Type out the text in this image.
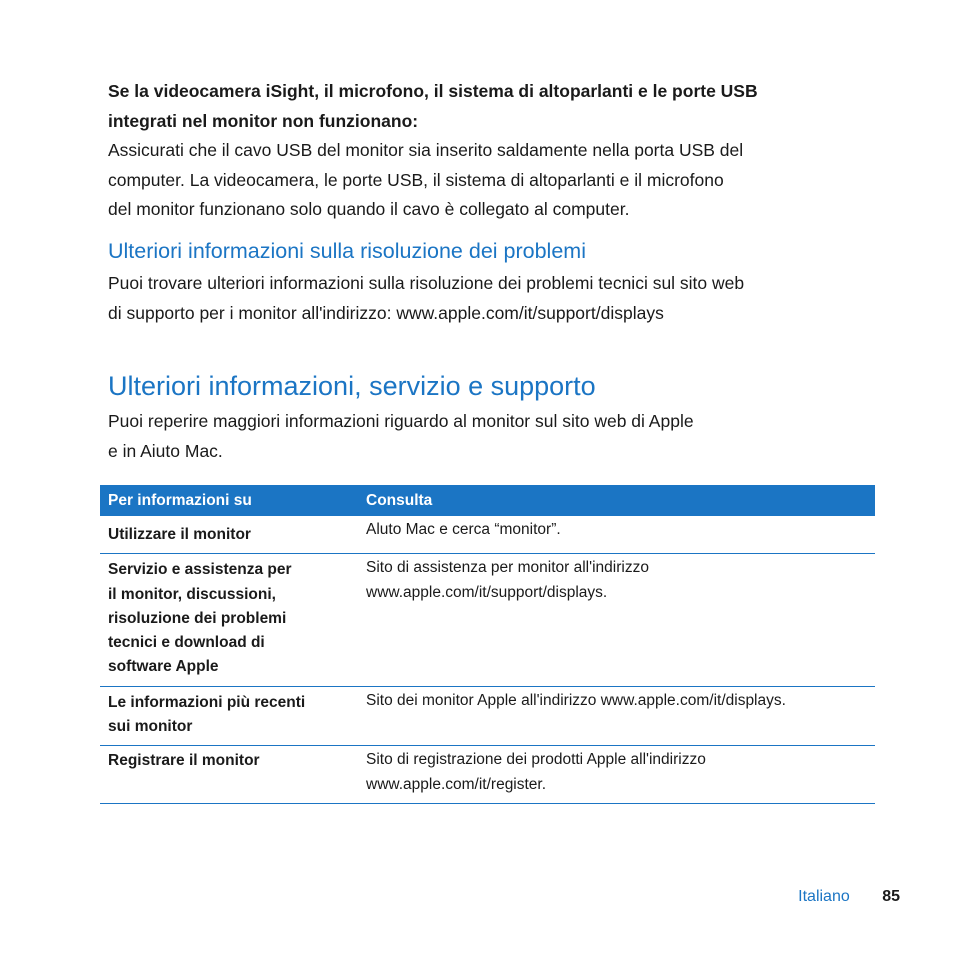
Se la videocamera iSight, il microfono, il sistema di altoparlanti e le porte USB
integrati nel monitor non funzionano:

Assicurati che il cavo USB del monitor sia inserito saldamente nella porta USB del
computer. La videocamera, le porte USB, il sistema di altoparlanti e il microfono
del monitor funzionano solo quando il cavo è collegato al computer.

Ulteriori informazioni sulla risoluzione dei problemi

Puoi trovare ulteriori informazioni sulla risoluzione dei problemi tecnici sul sito web
di supporto per i monitor all'indirizzo: www.apple.com/it/support/displays

Ulteriori informazioni, servizio e supporto

Puoi reperire maggiori informazioni riguardo al monitor sul sito web di Apple
e in Aiuto Mac.

Per informazioni su	Consulta
Utilizzare il monitor	Aluto Mac e cerca “monitor”.

Servizio e assistenza per
il monitor, discussioni,
risoluzione dei problemi
tecnici e download di
software Apple	Sito di assistenza per monitor all'indirizzo
www.apple.com/it/support/displays.

Le informazioni più recenti
sui monitor	Sito dei monitor Apple all'indirizzo www.apple.com/it/displays.

Registrare il monitor	Sito di registrazione dei prodotti Apple all'indirizzo
www.apple.com/it/register.
Italiano 85
